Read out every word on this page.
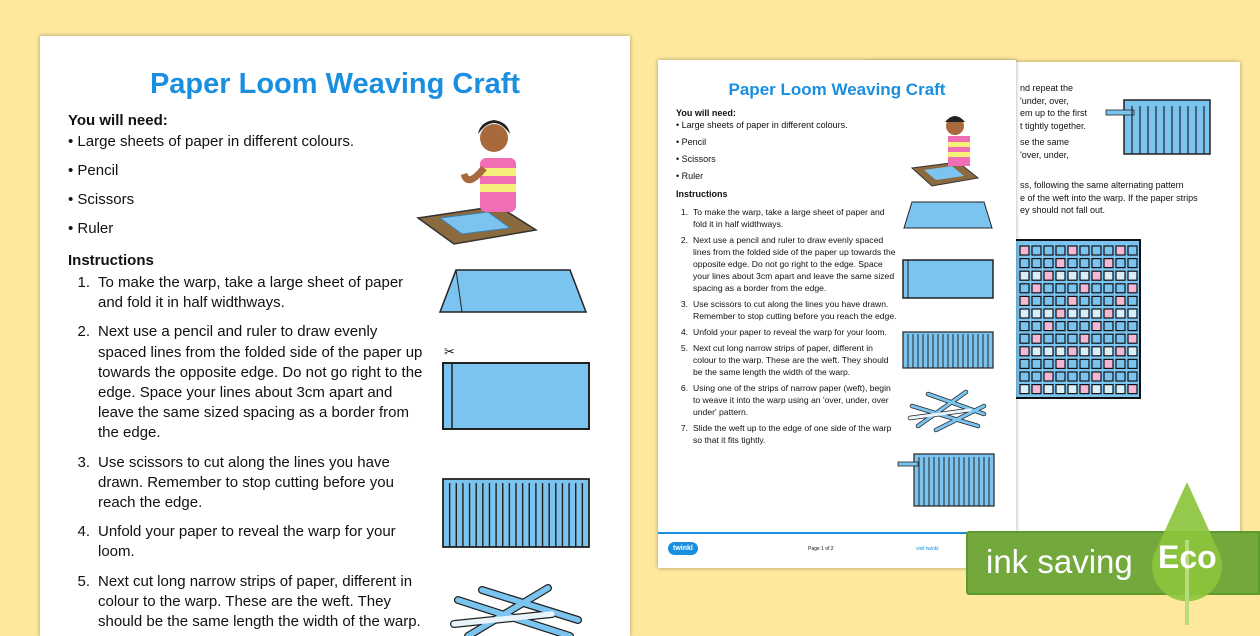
nd repeat the
'under, over,
em up to the first
t tightly together.
se the same
'over, under,
ss, following the same alternating pattern
e of the weft into the warp. If the paper strips
ey should not fall out.
Paper Loom Weaving Craft
You will need:
• Large sheets of paper in different colours.
• Pencil
• Scissors
• Ruler
Instructions
1. To make the warp, take a large sheet of paper and fold it in half widthways.
2. Next use a pencil and ruler to draw evenly spaced lines from the folded side of the paper up towards the opposite edge. Do not go right to the edge. Space your lines about 3cm apart and leave the same sized spacing as a border from the edge.
3. Use scissors to cut along the lines you have drawn. Remember to stop cutting before you reach the edge.
4. Unfold your paper to reveal the warp for your loom.
5. Next cut long narrow strips of paper, different in colour to the warp. These are the weft. They should be the same length the width of the warp.
6. Using one of the strips of narrow paper (weft), begin to weave it into the warp using an 'over, under, over under' pattern.
7. Slide the weft up to the edge of one side of the warp so that it fits tightly.
twinkl	Page 1 of 2	visit twinkl
Paper Loom Weaving Craft
You will need:
• Large sheets of paper in different colours.
• Pencil
• Scissors
• Ruler
Instructions
1. To make the warp, take a large sheet of paper and fold it in half widthways.
2. Next use a pencil and ruler to draw evenly spaced lines from the folded side of the paper up towards the opposite edge. Do not go right to the edge. Space your lines about 3cm apart and leave the same sized spacing as a border from the edge.
3. Use scissors to cut along the lines you have drawn. Remember to stop cutting before you reach the edge.
4. Unfold your paper to reveal the warp for your loom.
5. Next cut long narrow strips of paper, different in colour to the warp. These are the weft. They should be the same length the width of the warp.
✂
ink saving Eco
